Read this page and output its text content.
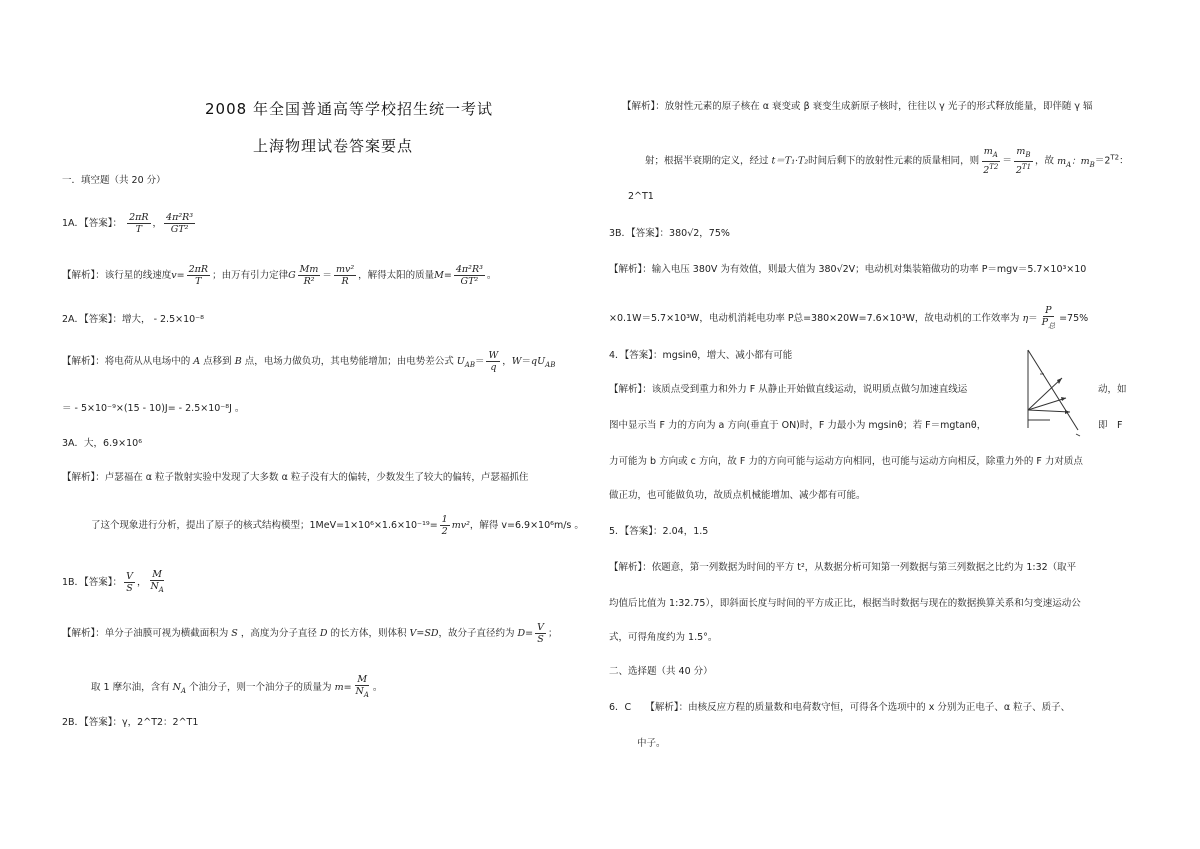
2008 年全国普通高等学校招生统一考试
上海物理试卷答案要点
一．填空题（共 20 分）
1A．【答案】： $\frac{2\pi R}{T}$ ， $\frac{\text{4π²R³}}{\text{GT²}}$
【解析】：该行星的线速度$v= \frac{2\pi R}{T}$ ；由万有引力定律G $\frac{Mm}{\text{R²}} = \frac{\text{mv²}}{R}$ ，解得太阳的质量$M= \frac{\text{4π²R³}}{\text{GT²}}$ 。
2A．【答案】：增大， - 2.5×10⁻⁸
【解析】：将电荷从从电场中的 A 点移到 B 点，电场力做负功，其电势能增加；由电势差公式 $U_{AB}= \frac{W}{q}$ ，$W=qU_{AB}$
＝ - 5×10⁻⁹×(15 - 10)J= - 2.5×10⁻⁸J 。
3A．大，6.9×10⁶
【解析】：卢瑟福在 α 粒子散射实验中发现了大多数 α 粒子没有大的偏转，少数发生了较大的偏转，卢瑟福抓住
了这个现象进行分析，提出了原子的核式结构模型；$1MeV=1\times 10^6\times 1.6\times 10^{-19}= \frac{1}{2} mv^2$，解得 v=6.9×10⁶m/s 。
1B．【答案】： $\frac{V}{S}$ ， $\frac{M}{N_A}$
【解析】：单分子油膜可视为横截面积为 S ，高度为分子直径 D 的长方体，则体积 V=SD，故分子直径约为 $D= \frac{V}{S}$ ；
取 1 摩尔油，含有 $N_A$ 个油分子，则一个油分子的质量为 $m= \frac{M}{N_A}$ 。
2B．【答案】：γ，2^T2：2^T1
【解析】：放射性元素的原子核在 α 衰变或 β 衰变生成新原子核时，往往以 γ 光子的形式释放能量，即伴随 γ 辐
射；根据半衰期的定义，经过 t＝T₁·T₂时间后剩下的放射性元素的质量相同，则 $\frac{m_A}{2^{T2}} = \frac{m_B}{2^{T1}}$ ，故 $m_A$：$m_B=2^{T2}$：
2^T1
3B．【答案】：380√2，75%
【解析】：输入电压 380V 为有效值，则最大值为 380√2V；电动机对集装箱做功的功率 P＝mgv＝5.7×10³×10
×0.1W＝5.7×10³W，电动机消耗电功率 P总=380×20W=7.6×10³W，故电动机的工作效率为 $\eta= \frac{P}{P_总} =75\%$
4．【答案】：mgsinθ，增大、减小都有可能
【解析】：该质点受到重力和外力 F 从静止开始做直线运动，说明质点做匀加速直线运	动，如
图中显示当 F 力的方向为 a 方向(垂直于 ON)时，F 力最小为 mgsinθ；若 F＝mgtanθ，	即　F
力可能为 b 方向或 c 方向，故 F 力的方向可能与运动方向相同，也可能与运动方向相反，除重力外的 F 力对质点
做正功，也可能做负功，故质点机械能增加、减少都有可能。
5．【答案】：2.04，1.5
【解析】：依题意，第一列数据为时间的平方 t²，从数据分析可知第一列数据与第三列数据之比约为 1:32（取平
均值后比值为 1:32.75），即斜面长度与时间的平方成正比，根据当时数据与现在的数据换算关系和匀变速运动公
式，可得角度约为 1.5°。
二、选择题（共 40 分）
6．C　　【解析】：由核反应方程的质量数和电荷数守恒，可得各个选项中的 x 分别为正电子、α 粒子、质子、
中子。
